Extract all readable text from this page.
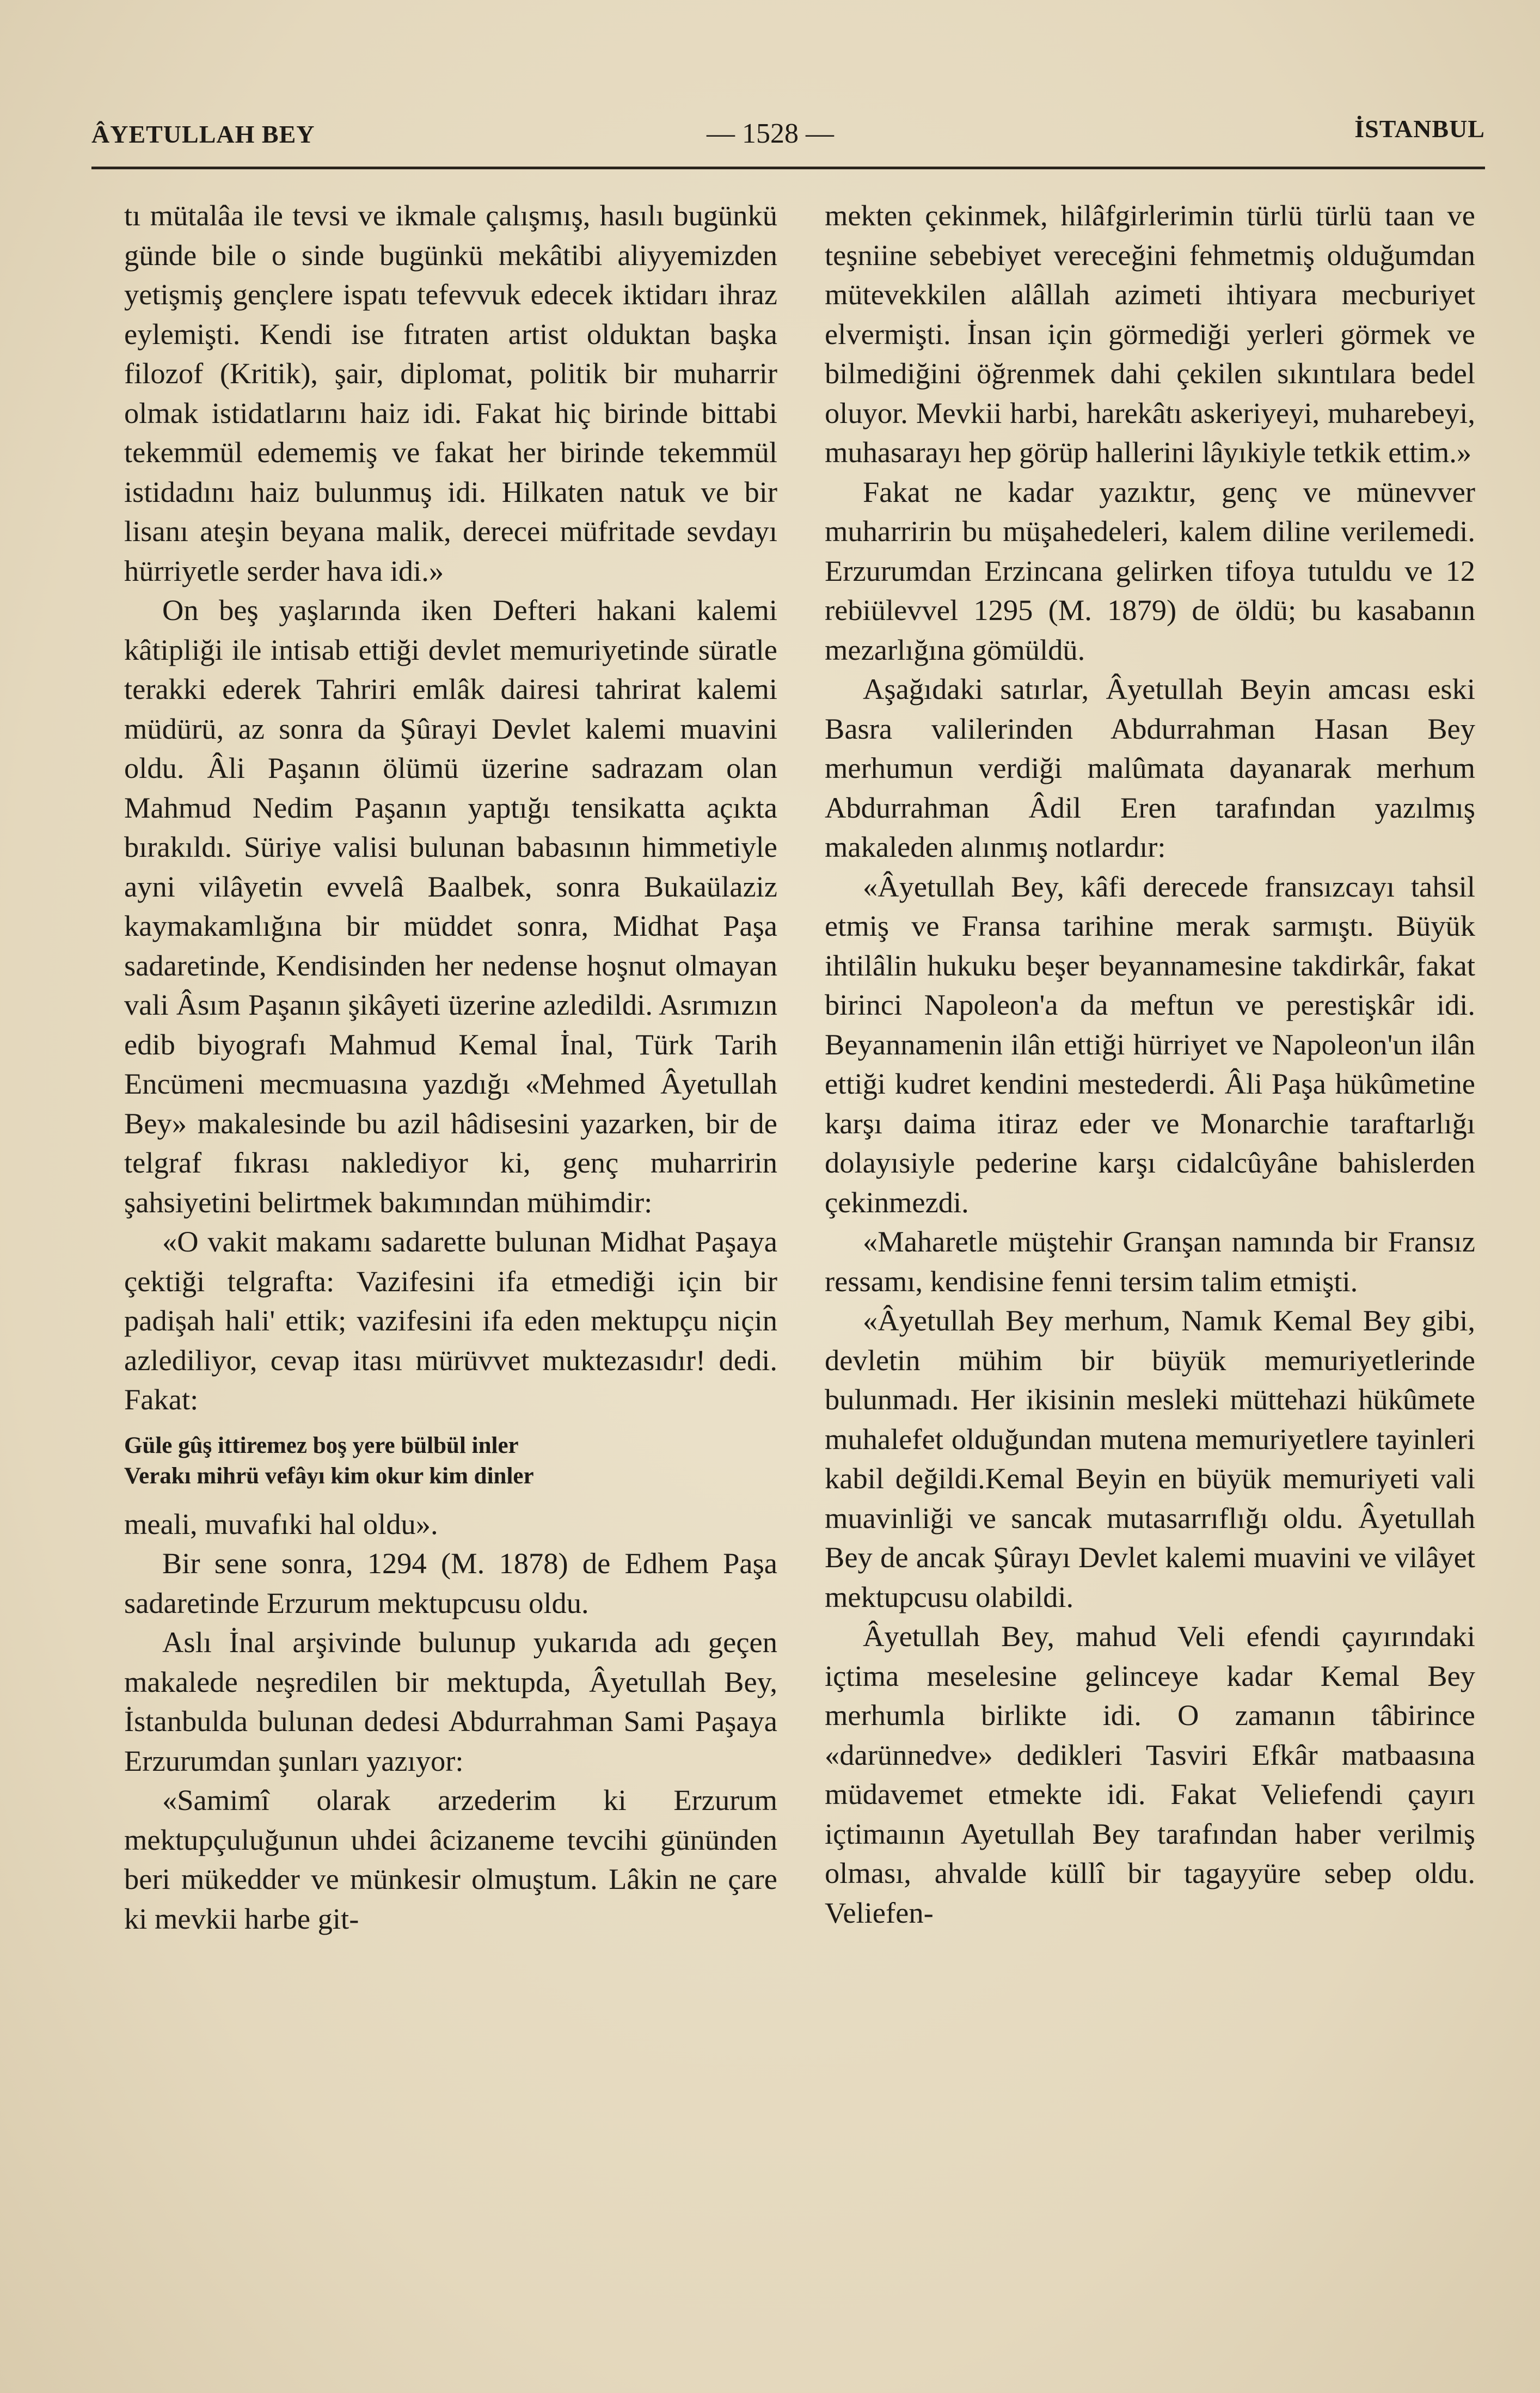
ÂYETULLAH BEY	— 1528 —	İSTANBUL

tı mütalâa ile tevsi ve ikmale çalışmış, hasılı bugünkü günde bile o sinde bugünkü mekâtibi aliyyemizden yetişmiş gençlere ispatı tefevvuk edecek iktidarı ihraz eylemişti. Kendi ise fıtraten artist olduktan başka filozof (Kritik), şair, diplomat, politik bir muharrir olmak istidatlarını haiz idi. Fakat hiç birinde bittabi tekemmül edememiş ve fakat her birinde tekemmül istidadını haiz bulunmuş idi. Hilkaten natuk ve bir lisanı ateşin beyana malik, derecei müfritade sevdayı hürriyetle serder hava idi.»

On beş yaşlarında iken Defteri hakani kalemi kâtipliği ile intisab ettiği devlet memuriyetinde süratle terakki ederek Tahriri emlâk dairesi tahrirat kalemi müdürü, az sonra da Şûrayi Devlet kalemi muavini oldu. Âli Paşanın ölümü üzerine sadrazam olan Mahmud Nedim Paşanın yaptığı tensikatta açıkta bırakıldı. Süriye valisi bulunan babasının himmetiyle ayni vilâyetin evvelâ Baalbek, sonra Bukaülaziz kaymakamlığına bir müddet sonra, Midhat Paşa sadaretinde, Kendisinden her nedense hoşnut olmayan vali Âsım Paşanın şikâyeti üzerine azledildi. Asrımızın edib biyografı Mahmud Kemal İnal, Türk Tarih Encümeni mecmuasına yazdığı «Mehmed Âyetullah Bey» makalesinde bu azil hâdisesini yazarken, bir de telgraf fıkrası naklediyor ki, genç muharririn şahsiyetini belirtmek bakımından mühimdir:

«O vakit makamı sadarette bulunan Midhat Paşaya çektiği telgrafta: Vazifesini ifa etmediği için bir padişah hali' ettik; vazifesini ifa eden mektupçu niçin azlediliyor, cevap itası mürüvvet muktezasıdır! dedi. Fakat:

Güle gûş ittiremez boş yere bülbül inler
Verakı mihrü vefâyı kim okur kim dinler

meali, muvafıki hal oldu».

Bir sene sonra, 1294 (M. 1878) de Edhem Paşa sadaretinde Erzurum mektupcusu oldu.

Aslı İnal arşivinde bulunup yukarıda adı geçen makalede neşredilen bir mektupda, Âyetullah Bey, İstanbulda bulunan dedesi Abdurrahman Sami Paşaya Erzurumdan şunları yazıyor:

«Samimî olarak arzederim ki Erzurum mektupçuluğunun uhdei âcizaneme tevcihi gününden beri mükedder ve münkesir olmuştum. Lâkin ne çare ki mevkii harbe git-

mekten çekinmek, hilâfgirlerimin türlü türlü taan ve teşniine sebebiyet vereceğini fehmetmiş olduğumdan mütevekkilen alâllah azimeti ihtiyara mecburiyet elvermişti. İnsan için görmediği yerleri görmek ve bilmediğini öğrenmek dahi çekilen sıkıntılara bedel oluyor. Mevkii harbi, harekâtı askeriyeyi, muharebeyi, muhasarayı hep görüp hallerini lâyıkiyle tetkik ettim.»

Fakat ne kadar yazıktır, genç ve münevver muharririn bu müşahedeleri, kalem diline verilemedi. Erzurumdan Erzincana gelirken tifoya tutuldu ve 12 rebiülevvel 1295 (M. 1879) de öldü; bu kasabanın mezarlığına gömüldü.

Aşağıdaki satırlar, Âyetullah Beyin amcası eski Basra valilerinden Abdurrahman Hasan Bey merhumun verdiği malûmata dayanarak merhum Abdurrahman Âdil Eren tarafından yazılmış makaleden alınmış notlardır:

«Âyetullah Bey, kâfi derecede fransızcayı tahsil etmiş ve Fransa tarihine merak sarmıştı. Büyük ihtilâlin hukuku beşer beyannamesine takdirkâr, fakat birinci Napoleon'a da meftun ve perestişkâr idi. Beyannamenin ilân ettiği hürriyet ve Napoleon'un ilân ettiği kudret kendini mestederdi. Âli Paşa hükûmetine karşı daima itiraz eder ve Monarchie taraftarlığı dolayısiyle pederine karşı cidalcûyâne bahislerden çekinmezdi.

«Maharetle müştehir Granşan namında bir Fransız ressamı, kendisine fenni tersim talim etmişti.

«Âyetullah Bey merhum, Namık Kemal Bey gibi, devletin mühim bir büyük memuriyetlerinde bulunmadı. Her ikisinin mesleki müttehazi hükûmete muhalefet olduğundan mutena memuriyetlere tayinleri kabil değildi.Kemal Beyin en büyük memuriyeti vali muavinliği ve sancak mutasarrıflığı oldu. Âyetullah Bey de ancak Şûrayı Devlet kalemi muavini ve vilâyet mektupcusu olabildi.

Âyetullah Bey, mahud Veli efendi çayırındaki içtima meselesine gelinceye kadar Kemal Bey merhumla birlikte idi. O zamanın tâbirince «darünnedve» dedikleri Tasviri Efkâr matbaasına müdavemet etmekte idi. Fakat Veliefendi çayırı içtimaının Ayetullah Bey tarafından haber verilmiş olması, ahvalde küllî bir tagayyüre sebep oldu. Veliefen-
